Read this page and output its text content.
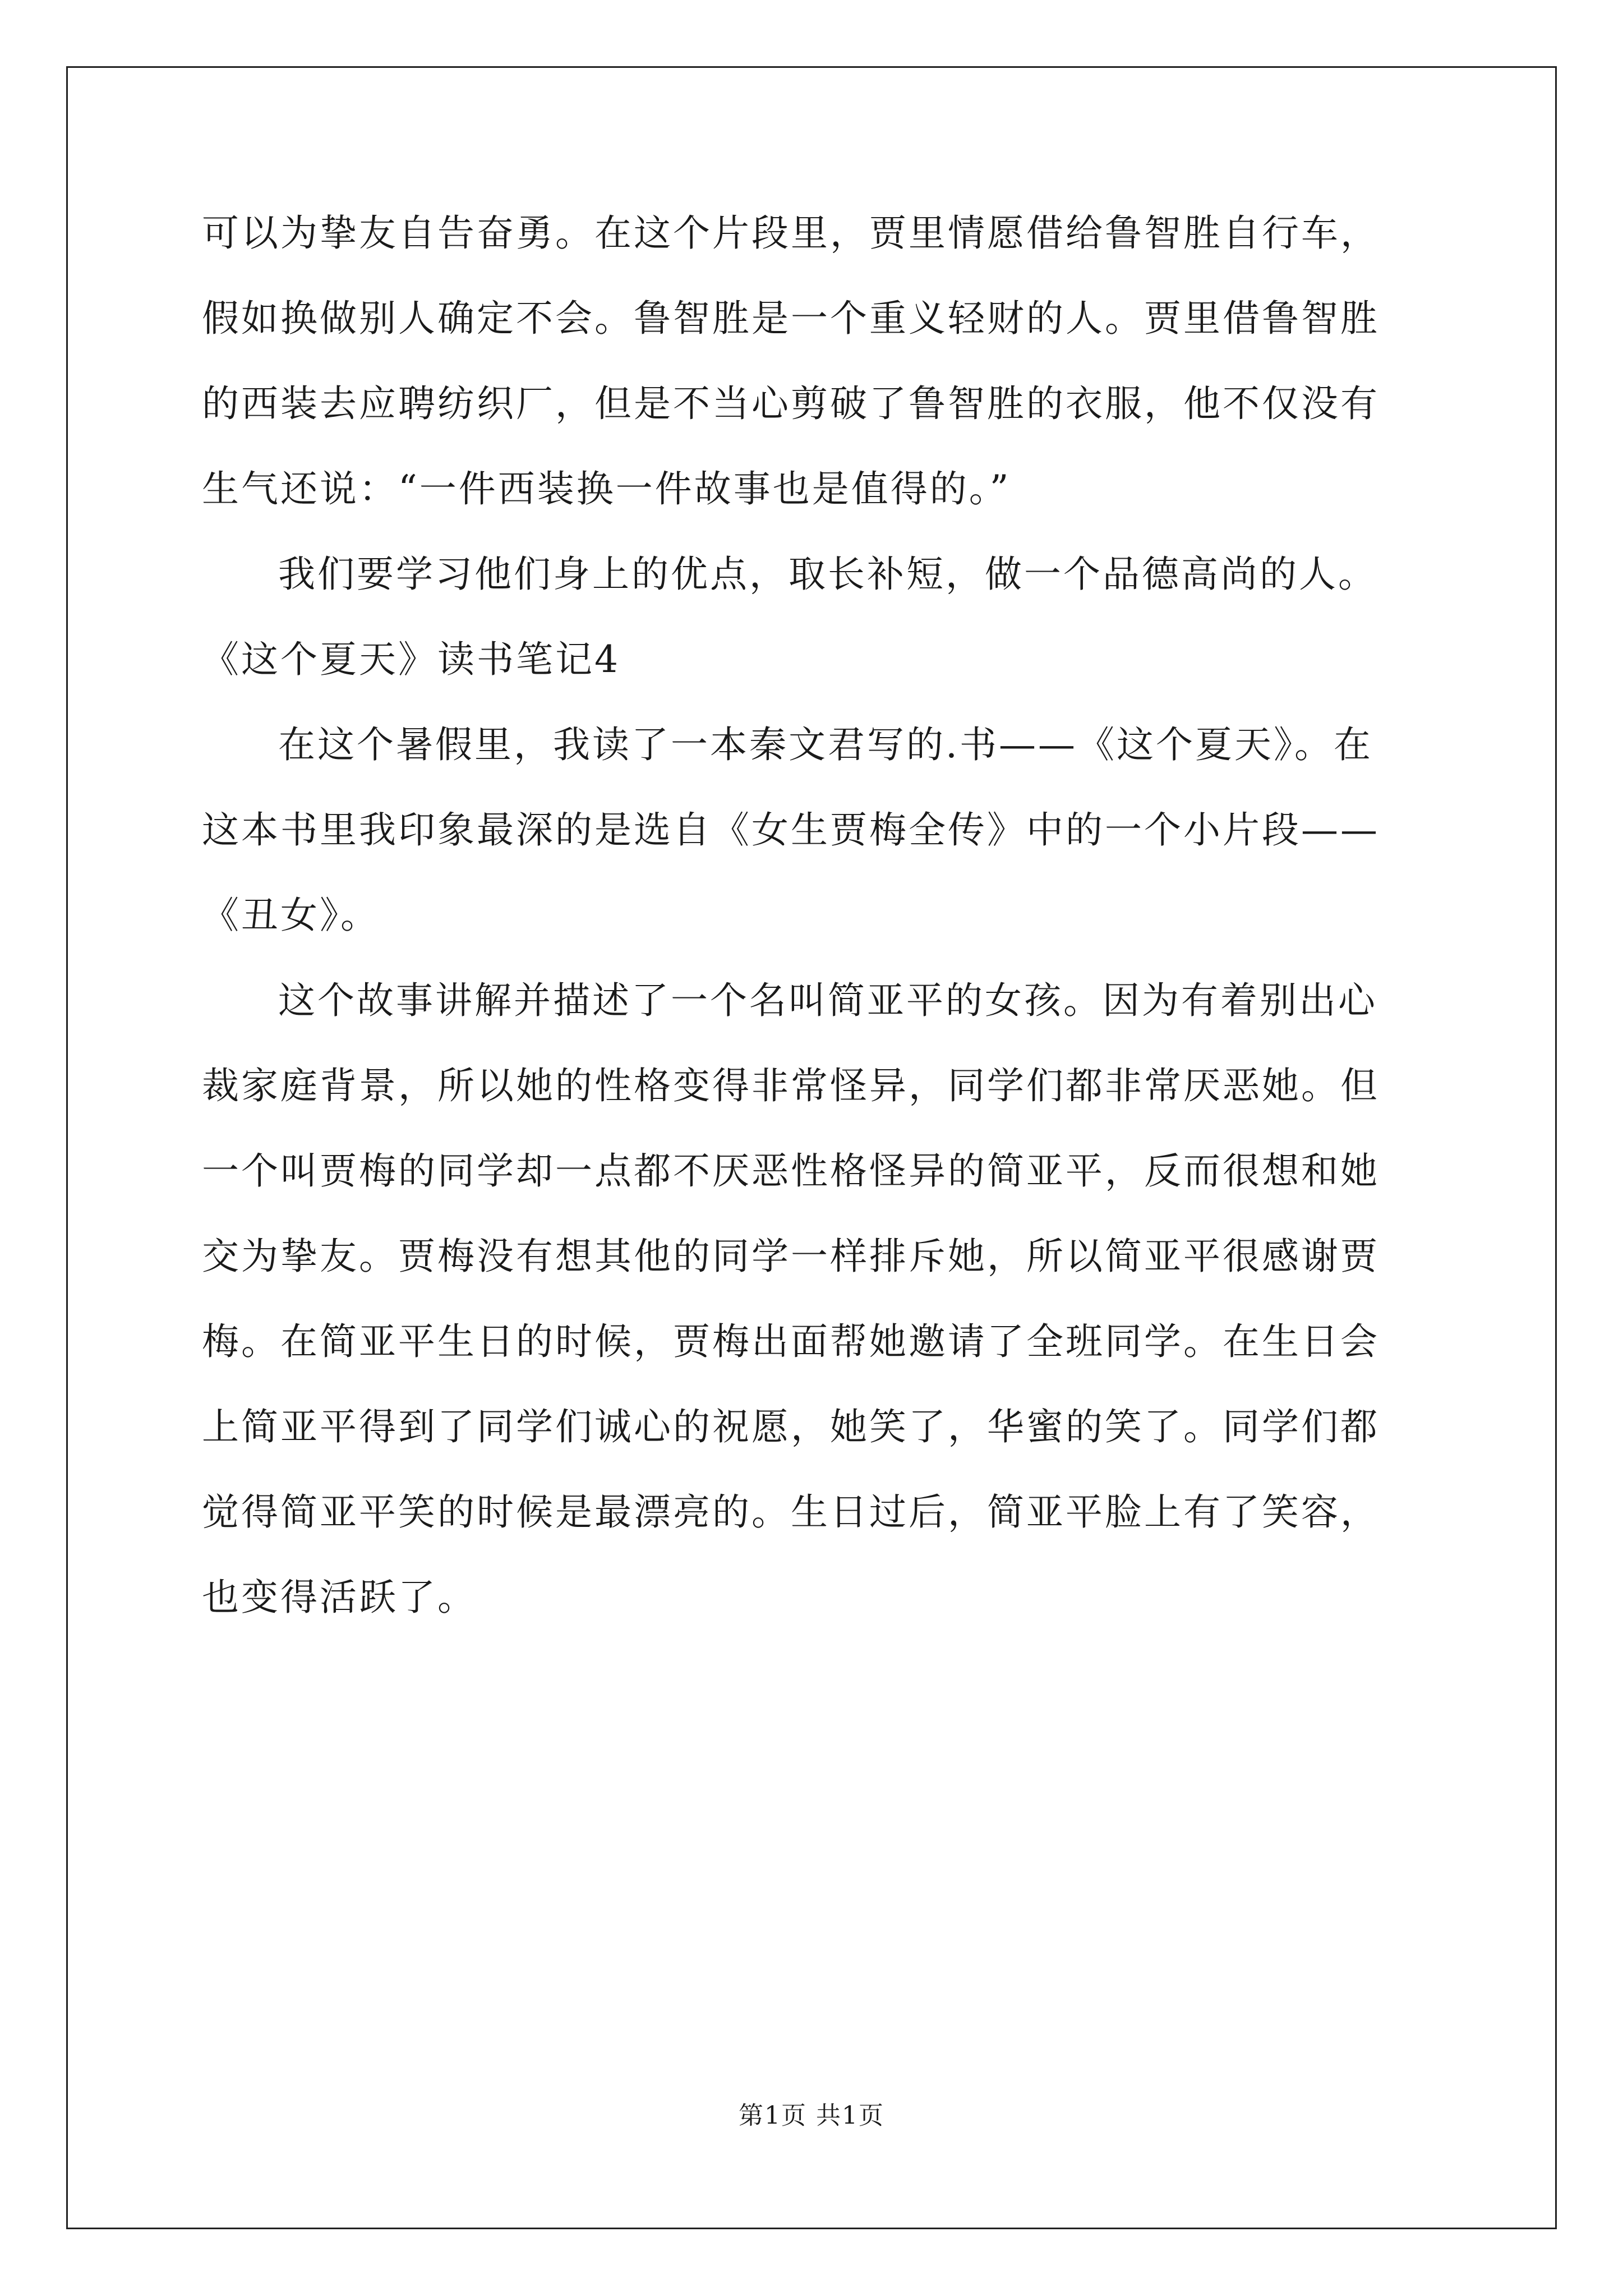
可以为挚友自告奋勇。在这个片段里，贾里情愿借给鲁智胜自行车，
假如换做别人确定不会。鲁智胜是一个重义轻财的人。贾里借鲁智胜
的西装去应聘纺织厂，但是不当心剪破了鲁智胜的衣服，他不仅没有
生气还说：“一件西装换一件故事也是值得的。”
我们要学习他们身上的优点，取长补短，做一个品德高尚的人。
《这个夏天》读书笔记4
在这个暑假里，我读了一本秦文君写的.书——《这个夏天》。在
这本书里我印象最深的是选自《女生贾梅全传》中的一个小片段——
《丑女》。
这个故事讲解并描述了一个名叫简亚平的女孩。因为有着别出心
裁家庭背景，所以她的性格变得非常怪异，同学们都非常厌恶她。但
一个叫贾梅的同学却一点都不厌恶性格怪异的简亚平，反而很想和她
交为挚友。贾梅没有想其他的同学一样排斥她，所以简亚平很感谢贾
梅。在简亚平生日的时候，贾梅出面帮她邀请了全班同学。在生日会
上简亚平得到了同学们诚心的祝愿，她笑了，华蜜的笑了。同学们都
觉得简亚平笑的时候是最漂亮的。生日过后，简亚平脸上有了笑容，
也变得活跃了。
第1页 共1页
